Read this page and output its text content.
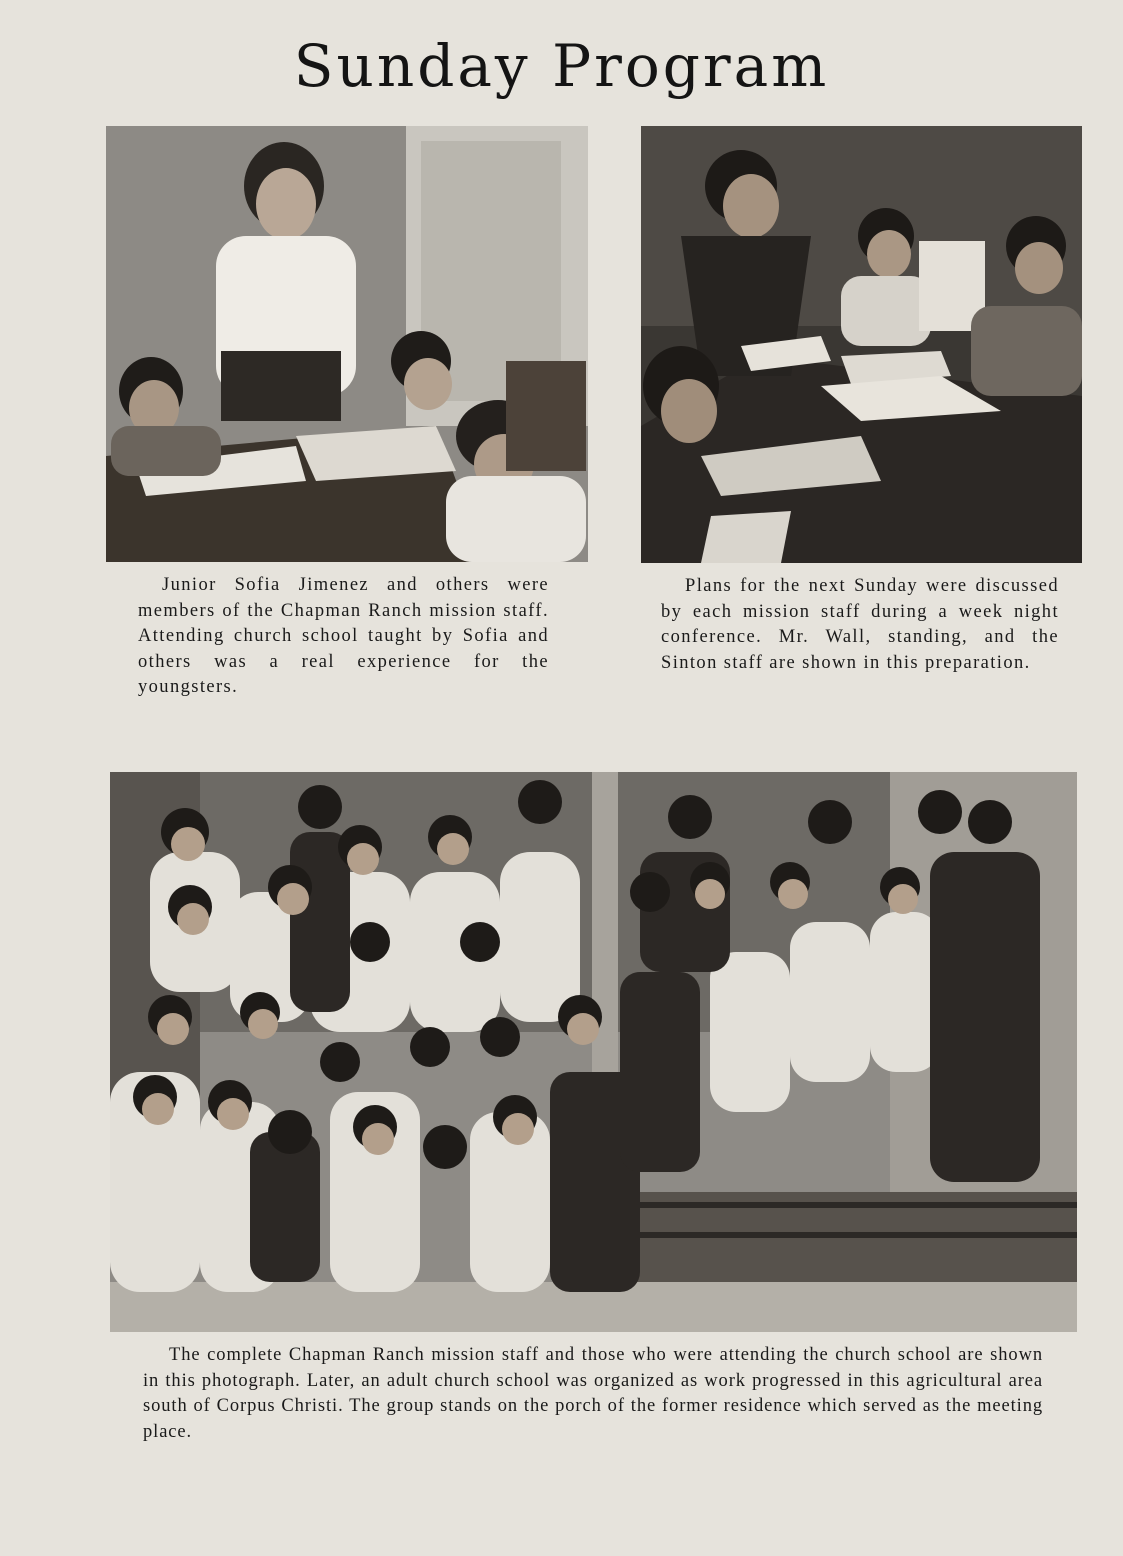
Sunday Program

Junior Sofia Jimenez and others were members of the Chapman Ranch mission staff. Attending church school taught by Sofia and others was a real experience for the youngsters.

Plans for the next Sunday were discussed by each mission staff during a week night conference. Mr. Wall, standing, and the Sinton staff are shown in this preparation.

The complete Chapman Ranch mission staff and those who were attending the church school are shown in this photograph. Later, an adult church school was organized as work progressed in this agricultural area south of Corpus Christi. The group stands on the porch of the former residence which served as the meeting place.
